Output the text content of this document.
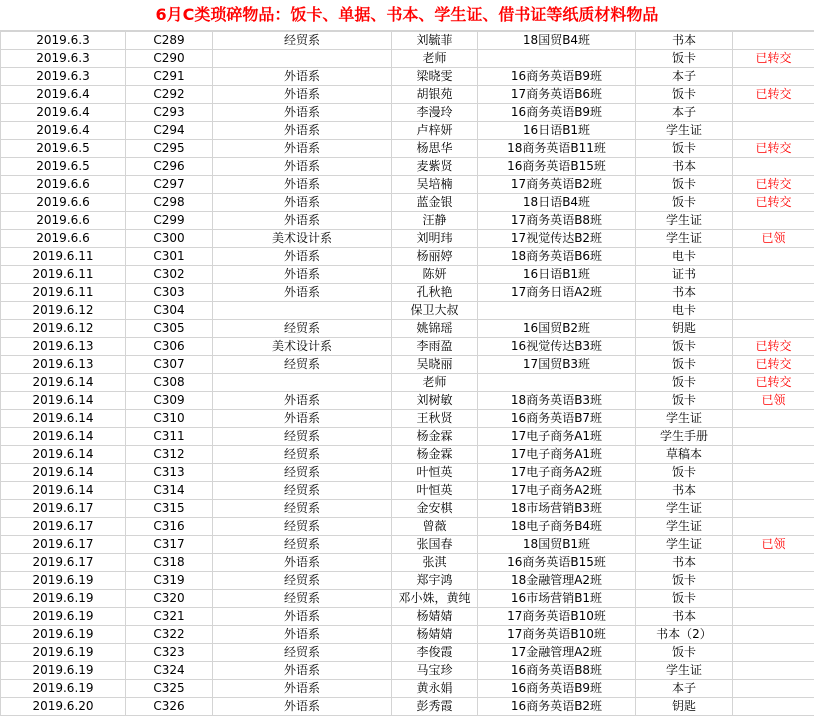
6月C类琐碎物品：饭卡、单据、书本、学生证、借书证等纸质材料物品
2019.6.3	C289	经贸系	刘毓菲	18国贸B4班	书本	
2019.6.3	C290		老师		饭卡	已转交
2019.6.3	C291	外语系	梁晓雯	16商务英语B9班	本子	
2019.6.4	C292	外语系	胡银苑	17商务英语B6班	饭卡	已转交
2019.6.4	C293	外语系	李漫玲	16商务英语B9班	本子	
2019.6.4	C294	外语系	卢梓妍	16日语B1班	学生证	
2019.6.5	C295	外语系	杨思华	18商务英语B11班	饭卡	已转交
2019.6.5	C296	外语系	麦紫贤	16商务英语B15班	书本	
2019.6.6	C297	外语系	吴培楠	17商务英语B2班	饭卡	已转交
2019.6.6	C298	外语系	蓝金银	18日语B4班	饭卡	已转交
2019.6.6	C299	外语系	汪静	17商务英语B8班	学生证	
2019.6.6	C300	美术设计系	刘明玮	17视觉传达B2班	学生证	已领
2019.6.11	C301	外语系	杨丽婷	18商务英语B6班	电卡	
2019.6.11	C302	外语系	陈妍	16日语B1班	证书	
2019.6.11	C303	外语系	孔秋艳	17商务日语A2班	书本	
2019.6.12	C304		保卫大叔		电卡	
2019.6.12	C305	经贸系	姚锦瑶	16国贸B2班	钥匙	
2019.6.13	C306	美术设计系	李雨盈	16视觉传达B3班	饭卡	已转交
2019.6.13	C307	经贸系	吴晓丽	17国贸B3班	饭卡	已转交
2019.6.14	C308		老师		饭卡	已转交
2019.6.14	C309	外语系	刘树敏	18商务英语B3班	饭卡	已领
2019.6.14	C310	外语系	王秋贤	16商务英语B7班	学生证	
2019.6.14	C311	经贸系	杨金霖	17电子商务A1班	学生手册	
2019.6.14	C312	经贸系	杨金霖	17电子商务A1班	草稿本	
2019.6.14	C313	经贸系	叶恒英	17电子商务A2班	饭卡	
2019.6.14	C314	经贸系	叶恒英	17电子商务A2班	书本	
2019.6.17	C315	经贸系	金安棋	18市场营销B3班	学生证	
2019.6.17	C316	经贸系	曾薇	18电子商务B4班	学生证	
2019.6.17	C317	经贸系	张国春	18国贸B1班	学生证	已领
2019.6.17	C318	外语系	张淇	16商务英语B15班	书本	
2019.6.19	C319	经贸系	郑宇鸿	18金融管理A2班	饭卡	
2019.6.19	C320	经贸系	邓小姝，黄纯	16市场营销B1班	饭卡	
2019.6.19	C321	外语系	杨婧婧	17商务英语B10班	书本	
2019.6.19	C322	外语系	杨婧婧	17商务英语B10班	书本（2）	
2019.6.19	C323	经贸系	李俊霞	17金融管理A2班	饭卡	
2019.6.19	C324	外语系	马宝珍	16商务英语B8班	学生证	
2019.6.19	C325	外语系	黄永娟	16商务英语B9班	本子	
2019.6.20	C326	外语系	彭秀霞	16商务英语B2班	钥匙	
